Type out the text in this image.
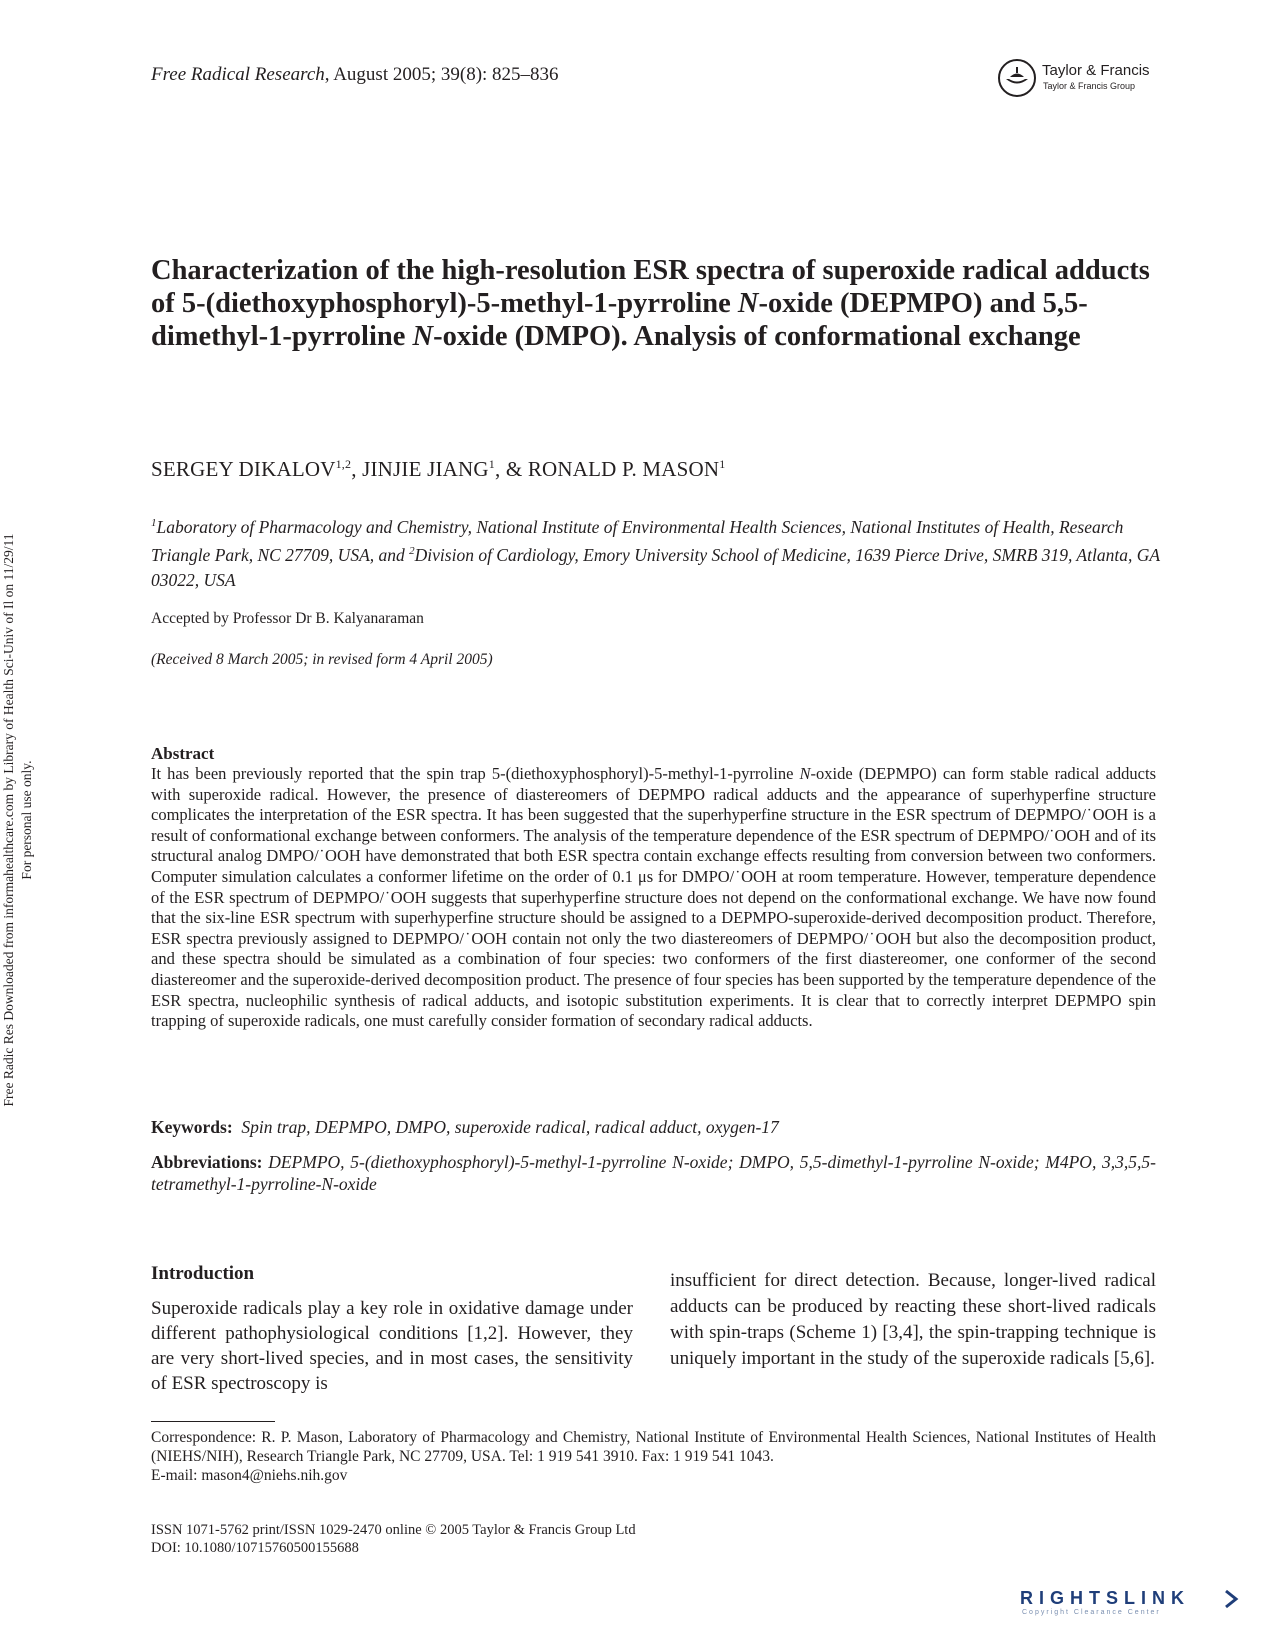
Free Radical Research, August 2005; 39(8): 825–836	Taylor & Francis
Taylor & Francis Group
Free Radic Res Downloaded from informahealthcare.com by Library of Health Sci-Univ of Il on 11/29/11 For personal use only.
Characterization of the high-resolution ESR spectra of superoxide radical adducts of 5-(diethoxyphosphoryl)-5-methyl-1-pyrroline N-oxide (DEPMPO) and 5,5-dimethyl-1-pyrroline N-oxide (DMPO). Analysis of conformational exchange
SERGEY DIKALOV$^{1,2}$, JINJIE JIANG$^1$, & RONALD P. MASON$^1$
$^1$Laboratory of Pharmacology and Chemistry, National Institute of Environmental Health Sciences, National Institutes of Health, Research Triangle Park, NC 27709, USA, and $^2$Division of Cardiology, Emory University School of Medicine, 1639 Pierce Drive, SMRB 319, Atlanta, GA 03022, USA
Accepted by Professor Dr B. Kalyanaraman
(Received 8 March 2005; in revised form 4 April 2005)
Abstract
It has been previously reported that the spin trap 5-(diethoxyphosphoryl)-5-methyl-1-pyrroline N-oxide (DEPMPO) can form stable radical adducts with superoxide radical. However, the presence of diastereomers of DEPMPO radical adducts and the appearance of superhyperfine structure complicates the interpretation of the ESR spectra. It has been suggested that the superhyperfine structure in the ESR spectrum of DEPMPO/˙OOH is a result of conformational exchange between conformers. The analysis of the temperature dependence of the ESR spectrum of DEPMPO/˙OOH and of its structural analog DMPO/˙OOH have demonstrated that both ESR spectra contain exchange effects resulting from conversion between two conformers. Computer simulation calculates a conformer lifetime on the order of 0.1 μs for DMPO/˙OOH at room temperature. However, temperature dependence of the ESR spectrum of DEPMPO/˙OOH suggests that superhyperfine structure does not depend on the conformational exchange. We have now found that the six-line ESR spectrum with superhyperfine structure should be assigned to a DEPMPO-superoxide-derived decomposition product. Therefore, ESR spectra previously assigned to DEPMPO/˙OOH contain not only the two diastereomers of DEPMPO/˙OOH but also the decomposition product, and these spectra should be simulated as a combination of four species: two conformers of the first diastereomer, one conformer of the second diastereomer and the superoxide-derived decomposition product. The presence of four species has been supported by the temperature dependence of the ESR spectra, nucleophilic synthesis of radical adducts, and isotopic substitution experiments. It is clear that to correctly interpret DEPMPO spin trapping of superoxide radicals, one must carefully consider formation of secondary radical adducts.
Keywords: Spin trap, DEPMPO, DMPO, superoxide radical, radical adduct, oxygen-17
Abbreviations: DEPMPO, 5-(diethoxyphosphoryl)-5-methyl-1-pyrroline N-oxide; DMPO, 5,5-dimethyl-1-pyrroline N-oxide; M4PO, 3,3,5,5-tetramethyl-1-pyrroline-N-oxide
Introduction
Superoxide radicals play a key role in oxidative damage under different pathophysiological conditions [1,2]. However, they are very short-lived species, and in most cases, the sensitivity of ESR spectroscopy is
insufficient for direct detection. Because, longer-lived radical adducts can be produced by reacting these short-lived radicals with spin-traps (Scheme 1) [3,4], the spin-trapping technique is uniquely important in the study of the superoxide radicals [5,6].
Correspondence: R. P. Mason, Laboratory of Pharmacology and Chemistry, National Institute of Environmental Health Sciences, National Institutes of Health (NIEHS/NIH), Research Triangle Park, NC 27709, USA. Tel: 1 919 541 3910. Fax: 1 919 541 1043.
E-mail: mason4@niehs.nih.gov
ISSN 1071-5762 print/ISSN 1029-2470 online © 2005 Taylor & Francis Group Ltd
DOI: 10.1080/10715760500155688
RIGHTSLINK
Copyright Clearance Center
